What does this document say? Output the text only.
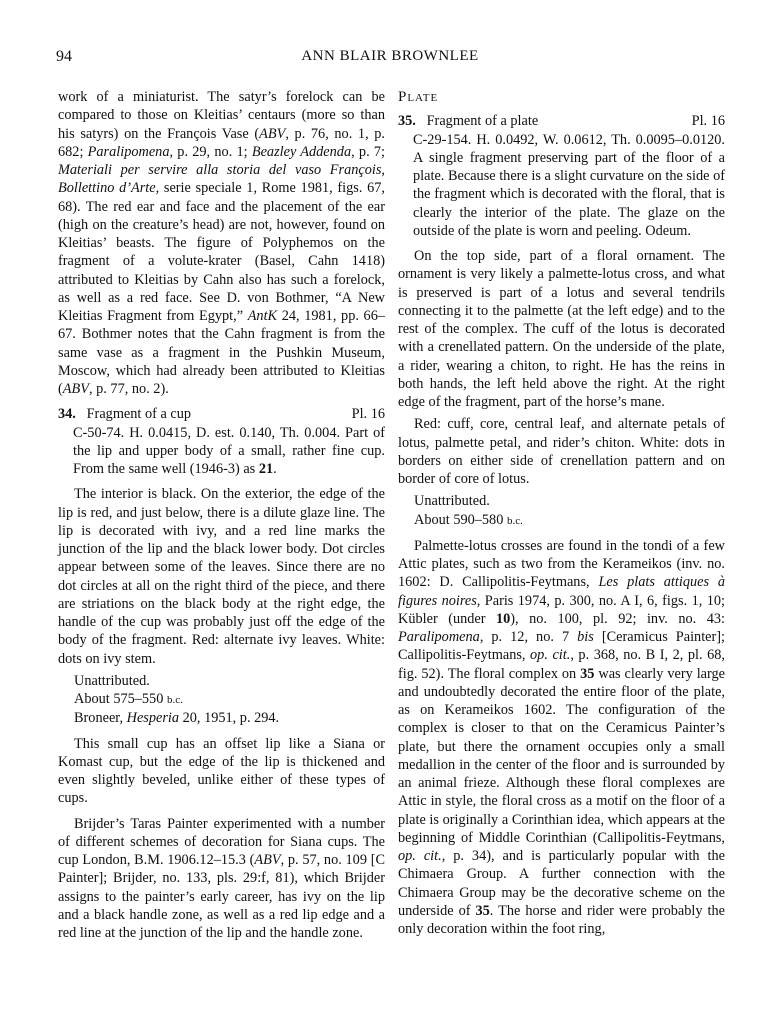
94	ANN BLAIR BROWNLEE

work of a miniaturist. The satyr’s forelock can be compared to those on Kleitias’ centaurs (more so than his satyrs) on the François Vase (ABV, p. 76, no. 1, p. 682; Paralipomena, p. 29, no. 1; Beazley Addenda, p. 7; Materiali per servire alla storia del vaso François, Bollettino d’Arte, serie speciale 1, Rome 1981, figs. 67, 68). The red ear and face and the placement of the ear (high on the creature’s head) are not, however, found on Kleitias’ beasts. The figure of Polyphemos on the fragment of a volute-krater (Basel, Cahn 1418) attributed to Kleitias by Cahn also has such a forelock, as well as a red face. See D. von Bothmer, “A New Kleitias Fragment from Egypt,” AntK 24, 1981, pp. 66–67. Bothmer notes that the Cahn fragment is from the same vase as a fragment in the Pushkin Museum, Moscow, which had already been attributed to Kleitias (ABV, p. 77, no. 2).

34. Fragment of a cup	Pl. 16

C-50-74. H. 0.0415, D. est. 0.140, Th. 0.004. Part of the lip and upper body of a small, rather fine cup. From the same well (1946-3) as 21.

The interior is black. On the exterior, the edge of the lip is red, and just below, there is a dilute glaze line. The lip is decorated with ivy, and a red line marks the junction of the lip and the black lower body. Dot circles appear between some of the leaves. Since there are no dot circles at all on the right third of the piece, and there are striations on the black body at the right edge, the handle of the cup was probably just off the edge of the body of the fragment. Red: alternate ivy leaves. White: dots on ivy stem.

Unattributed.

About 575–550 b.c.

Broneer, Hesperia 20, 1951, p. 294.

This small cup has an offset lip like a Siana or Komast cup, but the edge of the lip is thickened and even slightly beveled, unlike either of these types of cups.

Brijder’s Taras Painter experimented with a number of different schemes of decoration for Siana cups. The cup London, B.M. 1906.12–15.3 (ABV, p. 57, no. 109 [C Painter]; Brijder, no. 133, pls. 29:f, 81), which Brijder assigns to the painter’s early career, has ivy on the lip and a black handle zone, as well as a red lip edge and a red line at the junction of the lip and the handle zone.

Plate

35. Fragment of a plate	Pl. 16

C-29-154. H. 0.0492, W. 0.0612, Th. 0.0095–0.0120. A single fragment preserving part of the floor of a plate. Because there is a slight curvature on the side of the fragment which is decorated with the floral, that is clearly the interior of the plate. The glaze on the outside of the plate is worn and peeling. Odeum.

On the top side, part of a floral ornament. The ornament is very likely a palmette-lotus cross, and what is preserved is part of a lotus and several tendrils connecting it to the palmette (at the left edge) and to the rest of the complex. The cuff of the lotus is decorated with a crenellated pattern. On the underside of the plate, a rider, wearing a chiton, to right. He has the reins in both hands, the left held above the right. At the right edge of the fragment, part of the horse’s mane.

Red: cuff, core, central leaf, and alternate petals of lotus, palmette petal, and rider’s chiton. White: dots in borders on either side of crenellation pattern and on border of core of lotus.

Unattributed.

About 590–580 b.c.

Palmette-lotus crosses are found in the tondi of a few Attic plates, such as two from the Kerameikos (inv. no. 1602: D. Callipolitis-Feytmans, Les plats attiques à figures noires, Paris 1974, p. 300, no. A I, 6, figs. 1, 10; Kübler (under 10), no. 100, pl. 92; inv. no. 43: Paralipomena, p. 12, no. 7 bis [Ceramicus Painter]; Callipolitis-Feytmans, op. cit., p. 368, no. B I, 2, pl. 68, fig. 52). The floral complex on 35 was clearly very large and undoubtedly decorated the entire floor of the plate, as on Kerameikos 1602. The configuration of the complex is closer to that on the Ceramicus Painter’s plate, but there the ornament occupies only a small medallion in the center of the floor and is surrounded by an animal frieze. Although these floral complexes are Attic in style, the floral cross as a motif on the floor of a plate is originally a Corinthian idea, which appears at the beginning of Middle Corinthian (Callipolitis-Feytmans, op. cit., p. 34), and is particularly popular with the Chimaera Group. A further connection with the Chimaera Group may be the decorative scheme on the underside of 35. The horse and rider were probably the only decoration within the foot ring,
